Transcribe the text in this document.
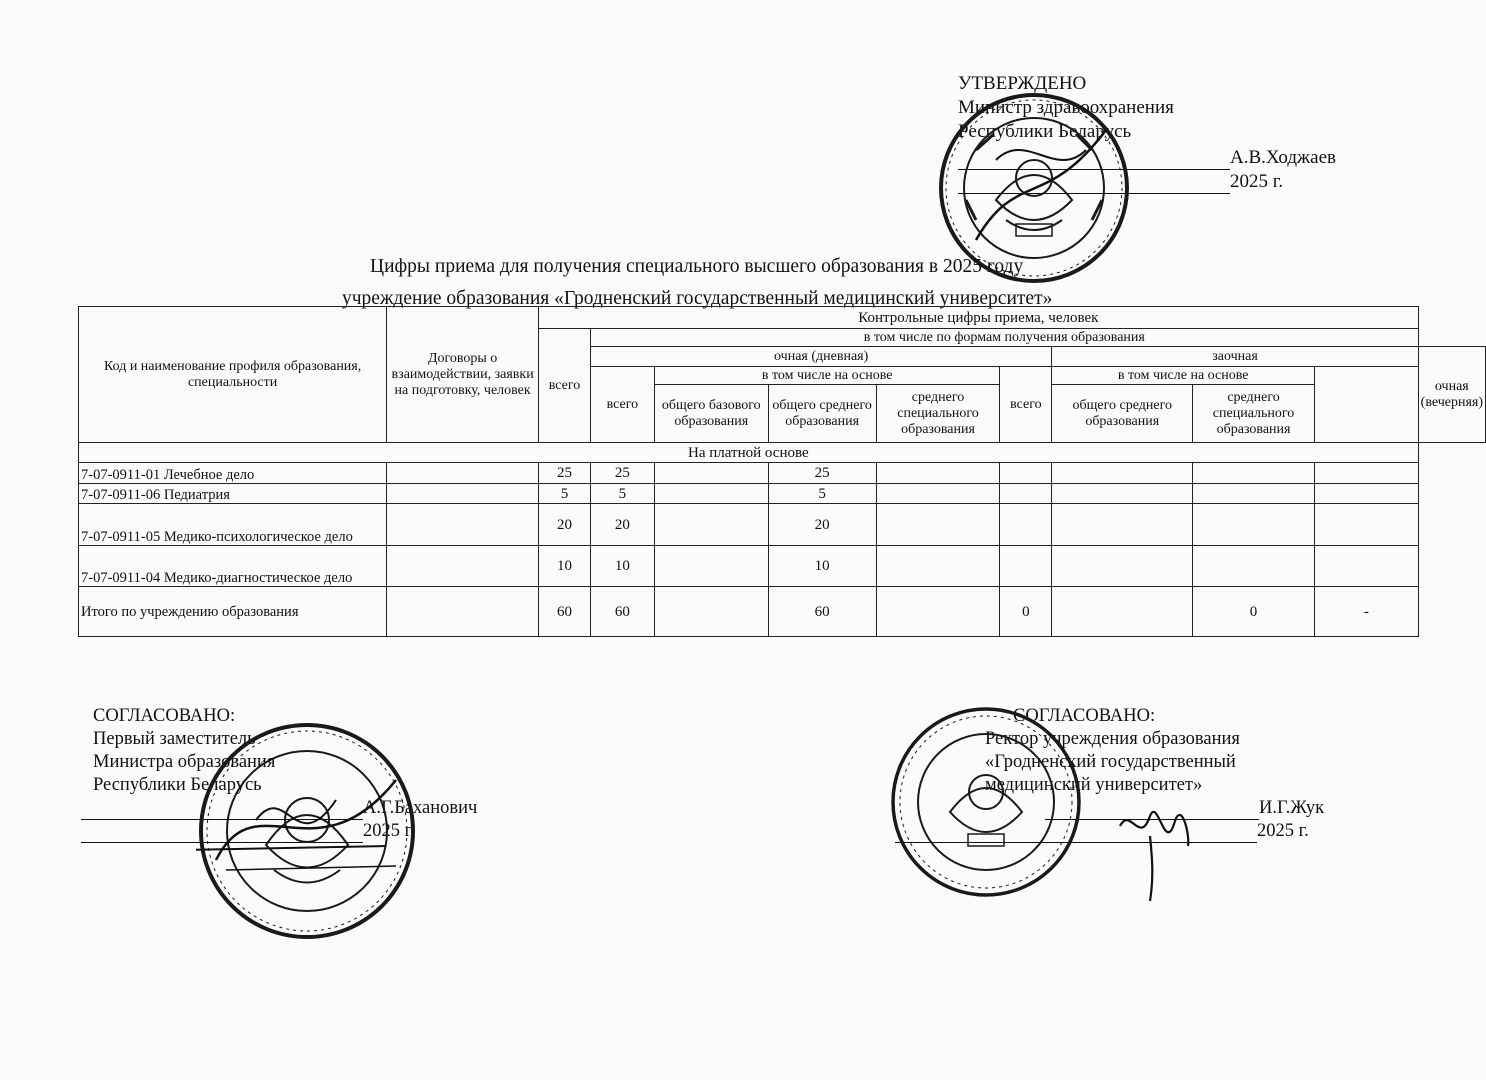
УТВЕРЖДЕНО
Министр здравоохранения
Республики Беларусь
А.В.Ходжаев
2025 г.
Цифры приема для получения специального высшего образования в 2025 году
учреждение образования «Гродненский государственный медицинский университет»
Код и наименование профиля образования, специальности	Договоры о взаимодействии, заявки на подготовку, человек	Контрольные цифры приема, человек									
		всего	в том числе по формам получения образования								
			очная (дневная)					заочная			очная (вечерняя)
			всего	в том числе на основе			всего	в том числе на основе			
				общего базового образования	общего среднего образования	среднего специального образования		общего среднего образования	среднего специального образования		
На платной основе											
7-07-0911-01 Лечебное дело		25	25		25						
7-07-0911-06 Педиатрия		5	5		5						
7-07-0911-05 Медико-психологическое дело		20	20		20						
7-07-0911-04 Медико-диагностическое дело		10	10		10						
Итого по учреждению образования		60	60		60		0		0	-	
СОГЛАСОВАНО:
Первый заместитель
Министра образования
Республики Беларусь
А.Г.Баханович
2025 г.
СОГЛАСОВАНО:
Ректор учреждения образования
«Гродненский государственный
медицинский университет»
И.Г.Жук
2025 г.
